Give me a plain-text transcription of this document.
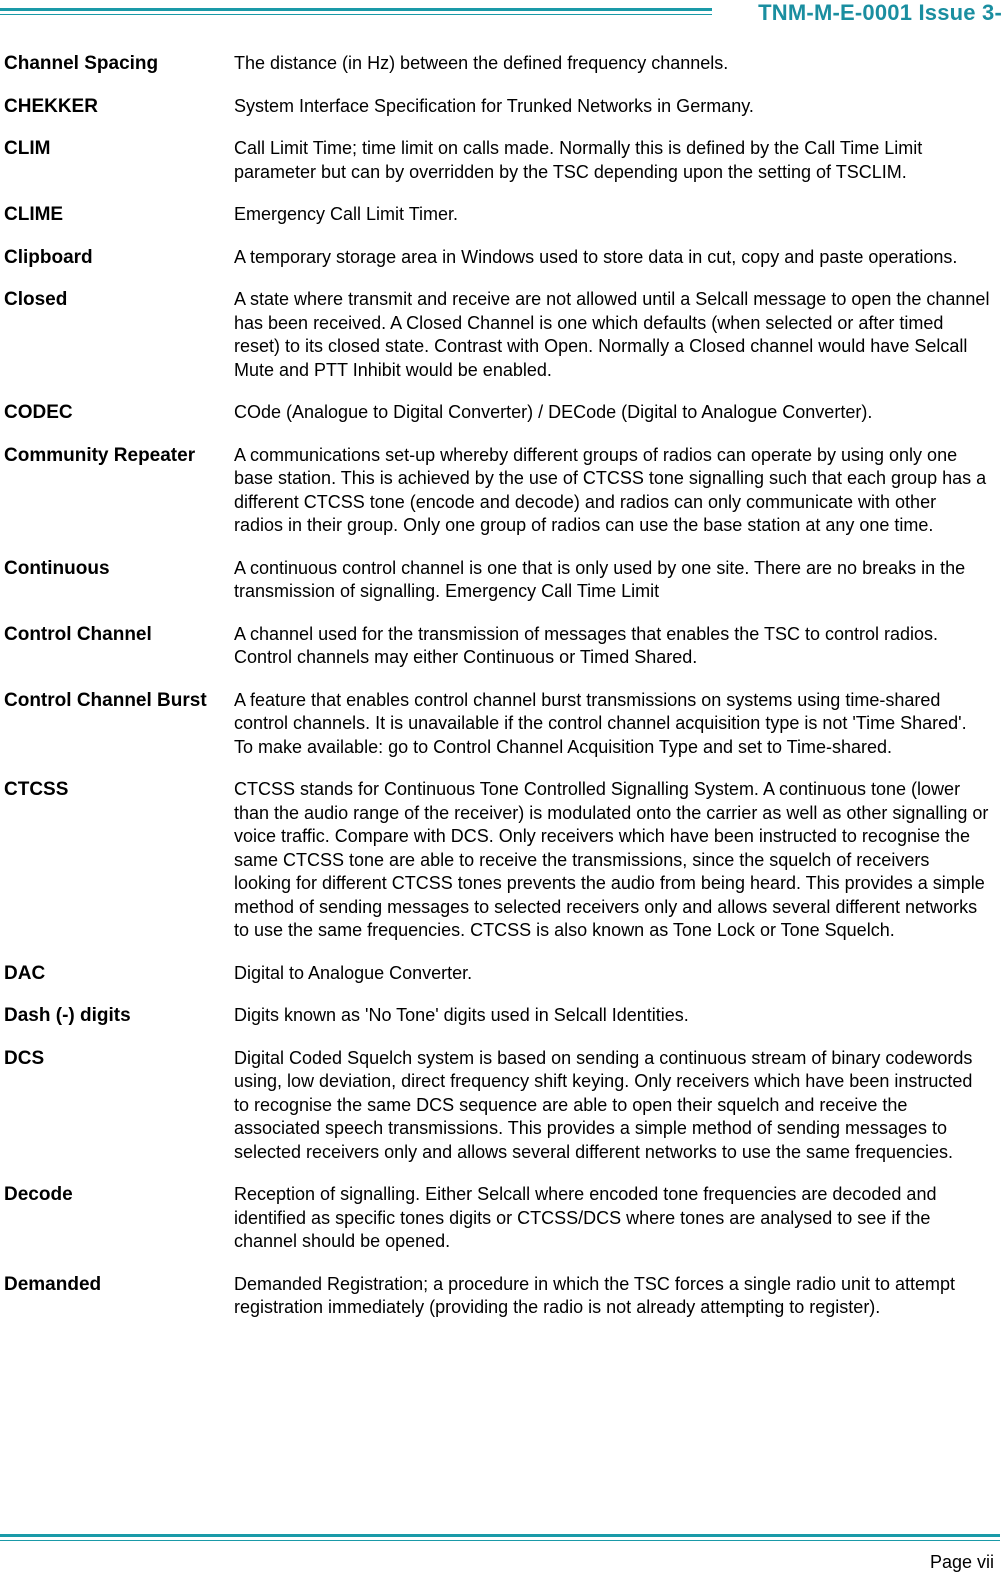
TNM-M-E-0001 Issue 3-
Channel Spacing	The distance (in Hz) between the defined frequency channels.
CHEKKER	System Interface Specification for Trunked Networks in Germany.
CLIM	Call Limit Time; time limit on calls made. Normally this is defined by the Call Time Limit parameter but can by overridden by the TSC depending upon the setting of TSCLIM.
CLIME	Emergency Call Limit Timer.
Clipboard	A temporary storage area in Windows used to store data in cut, copy and paste operations.
Closed	A state where transmit and receive are not allowed until a Selcall message to open the channel has been received. A Closed Channel is one which defaults (when selected or after timed reset) to its closed state. Contrast with Open. Normally a Closed channel would have Selcall Mute and PTT Inhibit would be enabled.
CODEC	COde (Analogue to Digital Converter) / DECode (Digital to Analogue Converter).
Community Repeater	A communications set-up whereby different groups of radios can operate by using only one base station. This is achieved by the use of CTCSS tone signalling such that each group has a different CTCSS tone (encode and decode) and radios can only communicate with other radios in their group. Only one group of radios can use the base station at any one time.
Continuous	A continuous control channel is one that is only used by one site. There are no breaks in the transmission of signalling. Emergency Call Time Limit
Control Channel	A channel used for the transmission of messages that enables the TSC to control radios. Control channels may either Continuous or Timed Shared.
Control Channel Burst	A feature that enables control channel burst transmissions on systems using time-shared control channels. It is unavailable if the control channel acquisition type is not 'Time Shared'. To make available: go to Control Channel Acquisition Type and set to Time-shared.
CTCSS	CTCSS stands for Continuous Tone Controlled Signalling System. A continuous tone (lower than the audio range of the receiver) is modulated onto the carrier as well as other signalling or voice traffic. Compare with DCS. Only receivers which have been instructed to recognise the same CTCSS tone are able to receive the transmissions, since the squelch of receivers looking for different CTCSS tones prevents the audio from being heard. This provides a simple method of sending messages to selected receivers only and allows several different networks to use the same frequencies. CTCSS is also known as Tone Lock or Tone Squelch.
DAC	Digital to Analogue Converter.
Dash (-) digits	Digits known as 'No Tone' digits used in Selcall Identities.
DCS	Digital Coded Squelch system is based on sending a continuous stream of binary codewords using, low deviation, direct frequency shift keying. Only receivers which have been instructed to recognise the same DCS sequence are able to open their squelch and receive the associated speech transmissions. This provides a simple method of sending messages to selected receivers only and allows several different networks to use the same frequencies.
Decode	Reception of signalling. Either Selcall where encoded tone frequencies are decoded and identified as specific tones digits or CTCSS/DCS where tones are analysed to see if the channel should be opened.
Demanded	Demanded Registration; a procedure in which the TSC forces a single radio unit to attempt registration immediately (providing the radio is not already attempting to register).
Page vii
